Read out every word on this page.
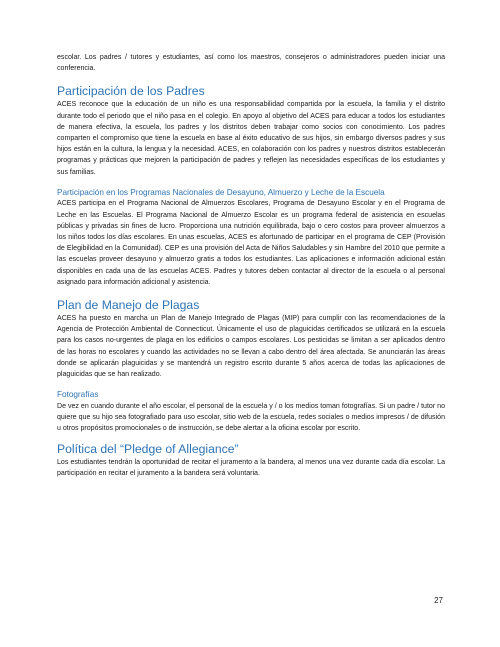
escolar. Los padres / tutores y estudiantes, así como los maestros, consejeros o administradores pueden iniciar una conferencia.

Participación de los Padres

ACES reconoce que la educación de un niño es una responsabilidad compartida por la escuela, la familia y el distrito durante todo el periodo que el niño pasa en el colegio. En apoyo al objetivo del ACES para educar a todos los estudiantes de manera efectiva, la escuela, los padres y los distritos deben trabajar como socios con conocimiento. Los padres comparten el compromiso que tiene la escuela en base al éxito educativo de sus hijos, sin embargo diversos padres y sus hijos están en la cultura, la lengua y la necesidad. ACES, en colaboración con los padres y nuestros distritos establecerán programas y prácticas que mejoren la participación de padres y reflejen las necesidades específicas de los estudiantes y sus familias.

Participación en los Programas Nacionales de Desayuno, Almuerzo y Leche de la Escuela

ACES participa en el Programa Nacional de Almuerzos Escolares, Programa de Desayuno Escolar y en el Programa de Leche en las Escuelas. El Programa Nacional de Almuerzo Escolar es un programa federal de asistencia en escuelas públicas y privadas sin fines de lucro. Proporciona una nutrición equilibrada, bajo o cero costos para proveer almuerzos a los niños todos los días escolares. En unas escuelas, ACES es afortunado de participar en el programa de CEP (Provisión de Elegibilidad en la Comunidad). CEP es una provisión del Acta de Niños Saludables y sin Hambre del 2010 que permite a las escuelas proveer desayuno y almuerzo gratis a todos los estudiantes. Las aplicaciones e información adicional están disponibles en cada una de las escuelas ACES. Padres y tutores deben contactar al director de la escuela o al personal asignado para información adicional y asistencia.

Plan de Manejo de Plagas

ACES ha puesto en marcha un Plan de Manejo Integrado de Plagas (MIP) para cumplir con las recomendaciones de la Agencia de Protección Ambiental de Connecticut. Únicamente el uso de plaguicidas certificados se utilizará en la escuela para los casos no-urgentes de plaga en los edificios o campos escolares. Los pesticidas se limitan a ser aplicados dentro de las horas no escolares y cuando las actividades no se llevan a cabo dentro del área afectada. Se anunciarán las áreas donde se aplicarán plaguicidas y se mantendrá un registro escrito durante 5 años acerca de todas las aplicaciones de plaguicidas que se han realizado.

Fotografías

De vez en cuando durante el año escolar, el personal de la escuela y / o los medios toman fotografías. Si un padre / tutor no quiere que su hijo sea fotografiado para uso escolar, sitio web de la escuela, redes sociales o medios impresos / de difusión u otros propósitos promocionales o de instrucción, se debe alertar a la oficina escolar por escrito.

Política del “Pledge of Allegiance”

Los estudiantes tendrán la oportunidad de recitar el juramento a la bandera, al menos una vez durante cada día escolar. La participación en recitar el juramento a la bandera será voluntaria.

27
